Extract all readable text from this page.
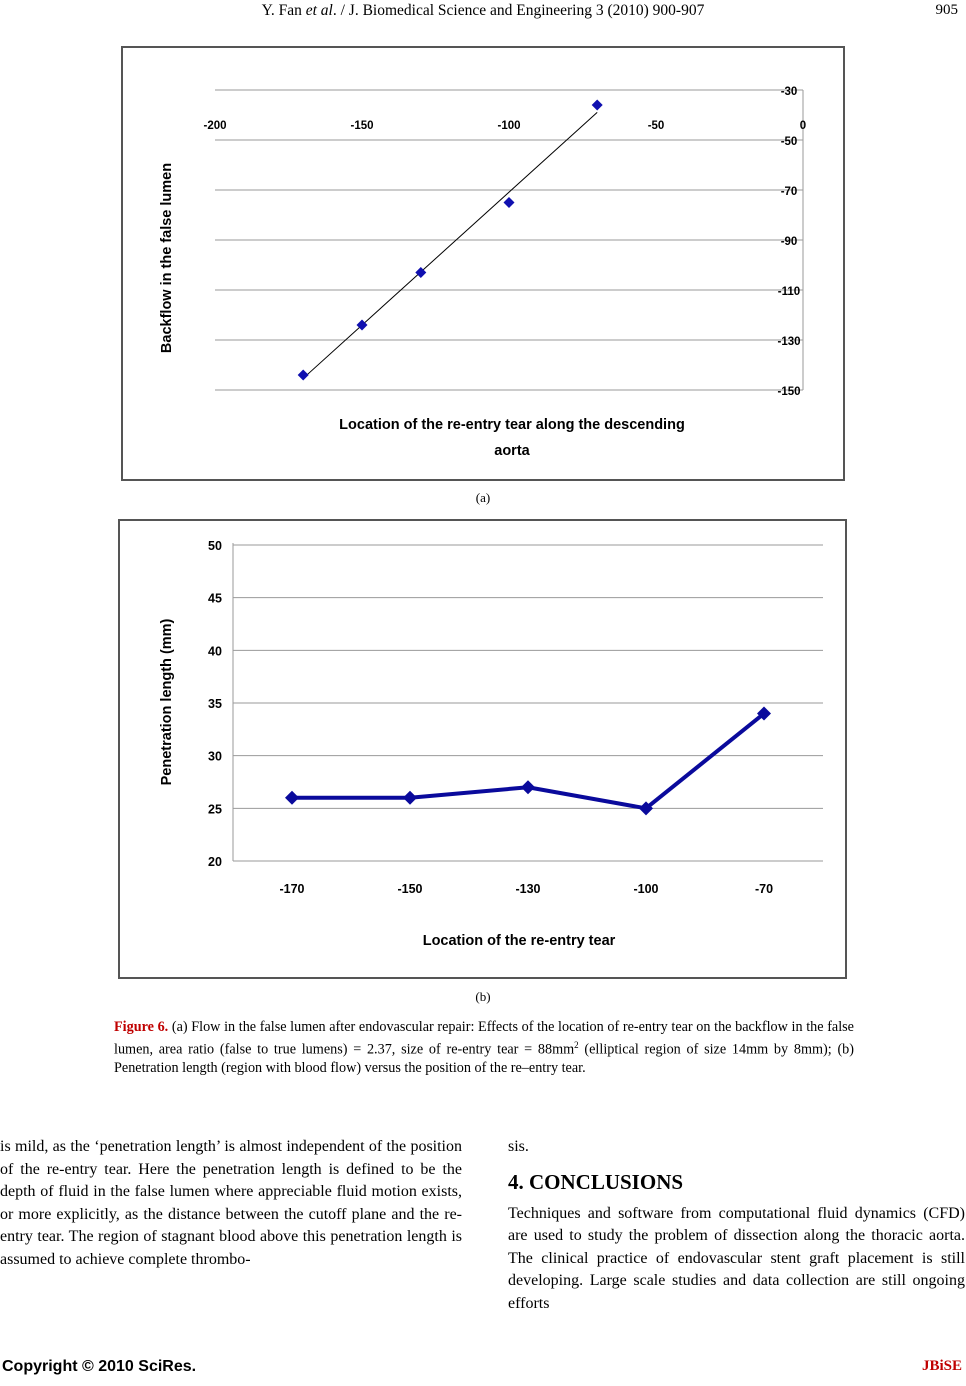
Y. Fan et al. / J. Biomedical Science and Engineering 3 (2010) 900-907	905
-200	-150	-100	-50	0
-30
-50
-70
-90
-110
-130
-150
Backflow in the false lumen
Location of the re-entry tear along the descending
aorta
(a)
20
25
30
35
40
45
50
-170	-150	-130	-100	-70
Penetration length (mm)
Location of the re-entry tear
(b)
Figure 6. (a) Flow in the false lumen after endovascular repair: Effects of the location of re-entry tear on the backflow in the false lumen, area ratio (false to true lumens) = 2.37, size of re-entry tear = $88mm^2$ (elliptical region of size 14mm by 8mm); (b) Penetration length (region with blood flow) versus the position of the re–entry tear.

is mild, as the ‘penetration length’ is almost independent of the position of the re-entry tear. Here the penetration length is defined to be the depth of fluid in the false lumen where appreciable fluid motion exists, or more explicitly, as the distance between the cutoff plane and the re-entry tear. The region of stagnant blood above this penetration length is assumed to achieve complete thrombo-

sis.

4. CONCLUSIONS

Techniques and software from computational fluid dynamics (CFD) are used to study the problem of dissection along the thoracic aorta. The clinical practice of endovascular stent graft placement is still developing. Large scale studies and data collection are still ongoing efforts

Copyright © 2010 SciRes.	JBiSE
